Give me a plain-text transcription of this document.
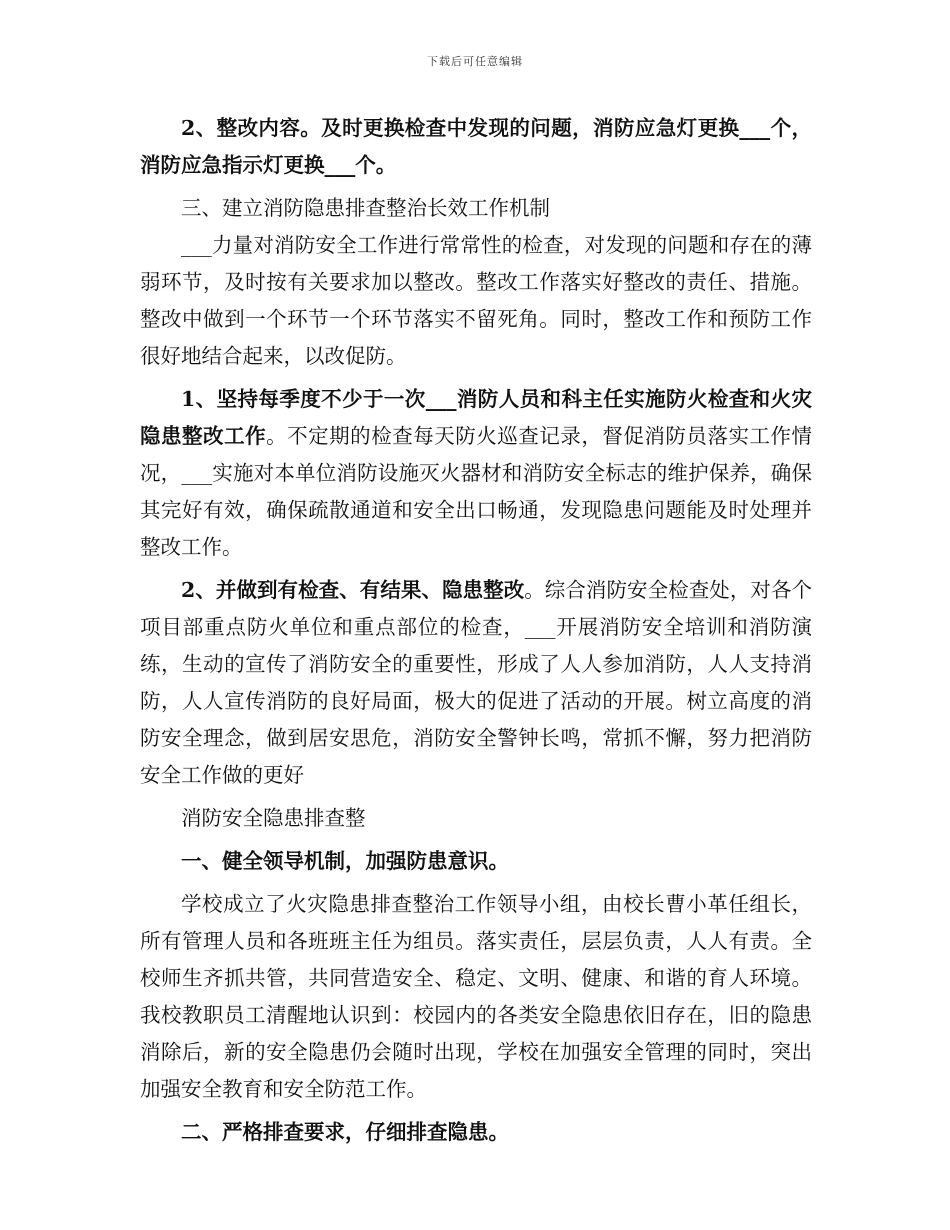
下载后可任意编辑

2、整改内容。及时更换检查中发现的问题，消防应急灯更换___个，消防应急指示灯更换___个。

三、建立消防隐患排查整治长效工作机制

___力量对消防安全工作进行常常性的检查，对发现的问题和存在的薄弱环节，及时按有关要求加以整改。整改工作落实好整改的责任、措施。整改中做到一个环节一个环节落实不留死角。同时，整改工作和预防工作很好地结合起来，以改促防。

1、坚持每季度不少于一次___消防人员和科主任实施防火检查和火灾隐患整改工作。不定期的检查每天防火巡查记录，督促消防员落实工作情况，___实施对本单位消防设施灭火器材和消防安全标志的维护保养，确保其完好有效，确保疏散通道和安全出口畅通，发现隐患问题能及时处理并整改工作。

2、并做到有检查、有结果、隐患整改。综合消防安全检查处，对各个项目部重点防火单位和重点部位的检查，___开展消防安全培训和消防演练，生动的宣传了消防安全的重要性，形成了人人参加消防，人人支持消防，人人宣传消防的良好局面，极大的促进了活动的开展。树立高度的消防安全理念，做到居安思危，消防安全警钟长鸣，常抓不懈，努力把消防安全工作做的更好

消防安全隐患排查整

一、健全领导机制，加强防患意识。

学校成立了火灾隐患排查整治工作领导小组，由校长曹小革任组长，所有管理人员和各班班主任为组员。落实责任，层层负责，人人有责。全校师生齐抓共管，共同营造安全、稳定、文明、健康、和谐的育人环境。我校教职员工清醒地认识到：校园内的各类安全隐患依旧存在，旧的隐患消除后，新的安全隐患仍会随时出现，学校在加强安全管理的同时，突出加强安全教育和安全防范工作。

二、严格排查要求，仔细排查隐患。
